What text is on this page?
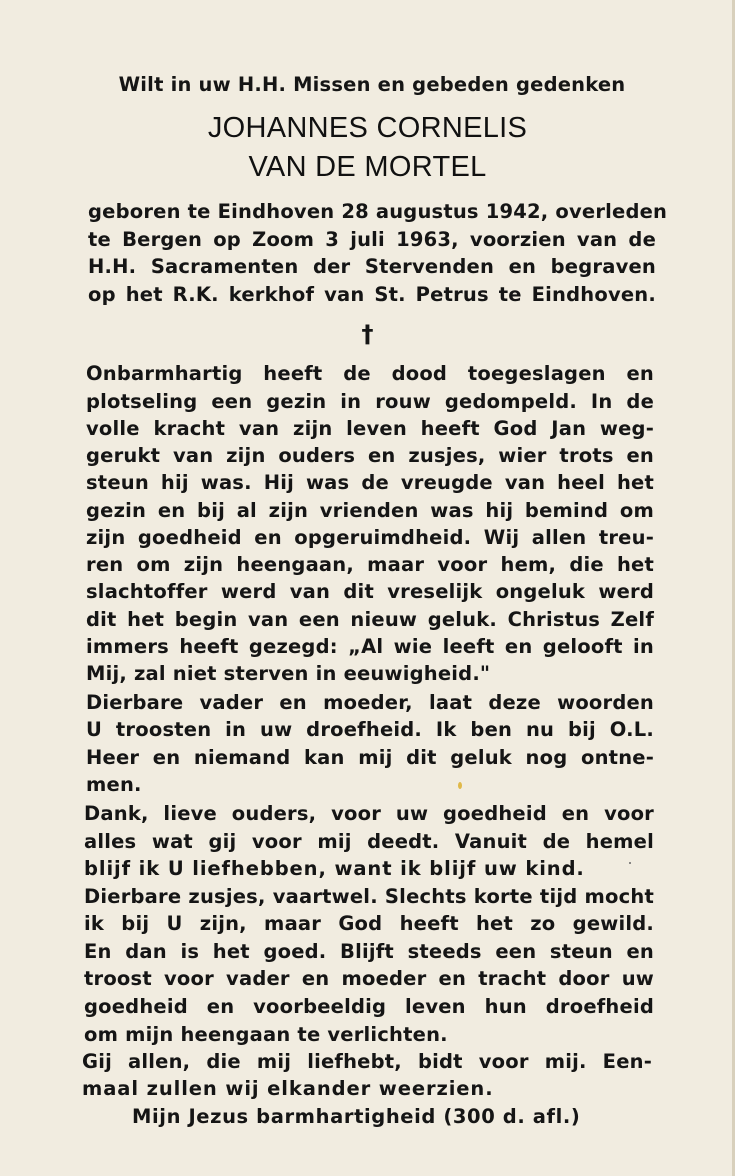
Wilt in uw H.H. Missen en gebeden gedenken
JOHANNES CORNELIS
VAN DE MORTEL
geboren te Eindhoven 28 augustus 1942, overleden
te Bergen op Zoom 3 juli 1963, voorzien van de
H.H. Sacramenten der Stervenden en begraven
op het R.K. kerkhof van St. Petrus te Eindhoven.
†
Onbarmhartig heeft de dood toegeslagen en
plotseling een gezin in rouw gedompeld. In de
volle kracht van zijn leven heeft God Jan weg-
gerukt van zijn ouders en zusjes, wier trots en
steun hij was. Hij was de vreugde van heel het
gezin en bij al zijn vrienden was hij bemind om
zijn goedheid en opgeruimdheid. Wij allen treu-
ren om zijn heengaan, maar voor hem, die het
slachtoffer werd van dit vreselijk ongeluk werd
dit het begin van een nieuw geluk. Christus Zelf
immers heeft gezegd: „Al wie leeft en gelooft in
Mij, zal niet sterven in eeuwigheid."
Dierbare vader en moeder, laat deze woorden
U troosten in uw droefheid. Ik ben nu bij O.L.
Heer en niemand kan mij dit geluk nog ontne-
men.
Dank, lieve ouders, voor uw goedheid en voor
alles wat gij voor mij deedt. Vanuit de hemel
blijf ik U liefhebben, want ik blijf uw kind.
Dierbare zusjes, vaartwel. Slechts korte tijd mocht
ik bij U zijn, maar God heeft het zo gewild.
En dan is het goed. Blijft steeds een steun en
troost voor vader en moeder en tracht door uw
goedheid en voorbeeldig leven hun droefheid
om mijn heengaan te verlichten.
Gij allen, die mij liefhebt, bidt voor mij. Een-
maal zullen wij elkander weerzien.
Mijn Jezus barmhartigheid (300 d. afl.)
